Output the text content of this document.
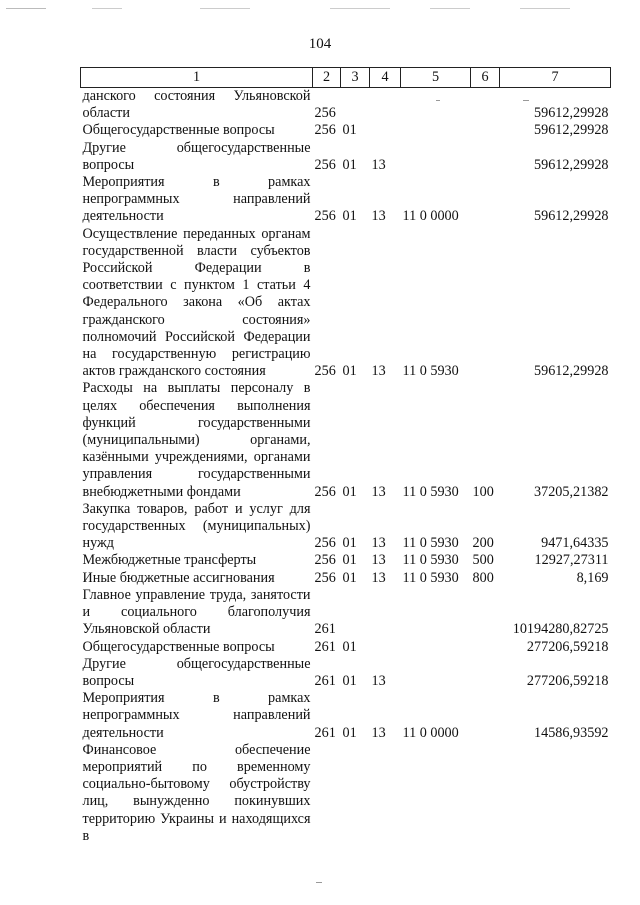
104
1	2	3	4	5	6	7
данского состояния Ульяновской области	256					59612,29928
Общегосударственные вопросы	256	01				59612,29928
Другие общегосударственные вопросы	256	01	13			59612,29928
Мероприятия в рамках непрограммных направлений деятельности	256	01	13	11 0 0000		59612,29928
Осуществление переданных органам государственной власти субъектов Российской Федерации в соответствии с пунктом 1 статьи 4 Федерального закона «Об актах гражданского состояния» полномочий Российской Федерации на государственную регистрацию актов гражданского состояния	256	01	13	11 0 5930		59612,29928
Расходы на выплаты персоналу в целях обеспечения выполнения функций государственными (муниципальными) органами, казёнными учреждениями, органами управления государственными внебюджетными фондами	256	01	13	11 0 5930	100	37205,21382
Закупка товаров, работ и услуг для государственных (муниципальных) нужд	256	01	13	11 0 5930	200	9471,64335
Межбюджетные трансферты	256	01	13	11 0 5930	500	12927,27311
Иные бюджетные ассигнования	256	01	13	11 0 5930	800	8,169
Главное управление труда, занятости и социального благополучия Ульяновской области	261					10194280,82725
Общегосударственные вопросы	261	01				277206,59218
Другие общегосударственные вопросы	261	01	13			277206,59218
Мероприятия в рамках непрограммных направлений деятельности	261	01	13	11 0 0000		14586,93592
Финансовое обеспечение мероприятий по временному социально-бытовому обустройству лиц, вынужденно покинувших территорию Украины и находящихся в						
